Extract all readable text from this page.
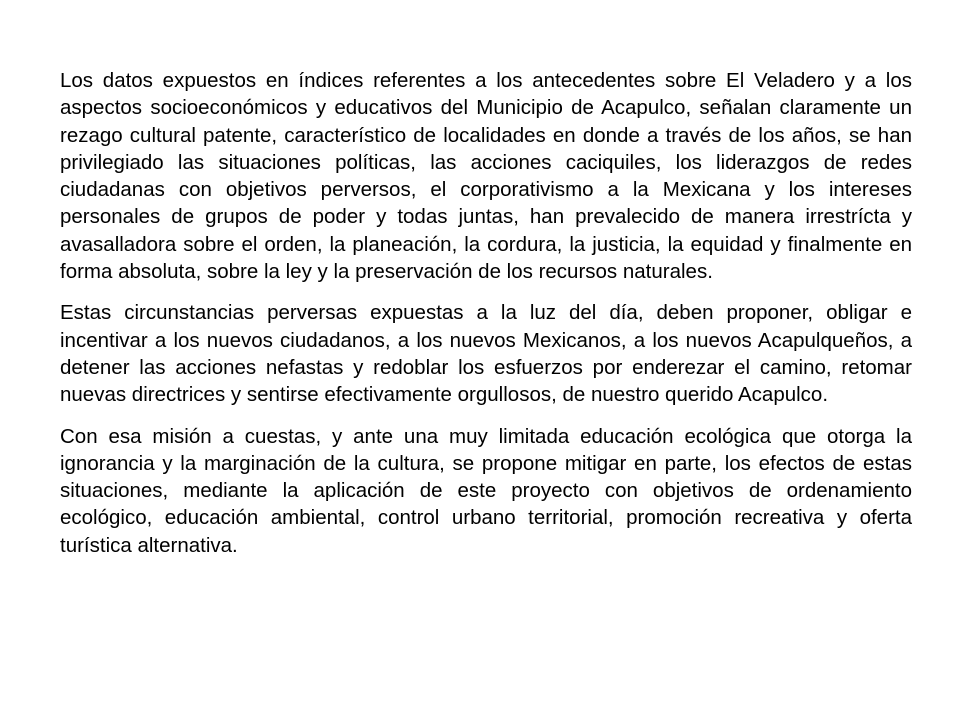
Los datos expuestos en índices referentes a los antecedentes sobre El Veladero y a los aspectos socioeconómicos y educativos del Municipio de Acapulco, señalan claramente un rezago cultural patente, característico de localidades en donde a través de los años, se han privilegiado las situaciones políticas, las acciones caciquiles, los liderazgos de redes ciudadanas con objetivos perversos, el corporativismo a la Mexicana y los intereses personales de grupos de poder y todas juntas, han prevalecido de manera irrestrícta y avasalladora sobre el orden, la planeación, la cordura, la justicia, la equidad y finalmente en forma absoluta, sobre la ley y la preservación de los recursos naturales.

Estas circunstancias perversas expuestas a la luz del día, deben proponer, obligar e incentivar a los nuevos ciudadanos, a los nuevos Mexicanos, a los nuevos Acapulqueños, a detener las acciones nefastas y redoblar los esfuerzos por enderezar el camino, retomar nuevas directrices y sentirse efectivamente orgullosos, de nuestro querido Acapulco.

Con esa misión a cuestas, y ante una muy limitada educación ecológica que otorga la ignorancia y la marginación de la cultura, se propone mitigar en parte, los efectos de estas situaciones, mediante la aplicación de este proyecto con objetivos de ordenamiento ecológico, educación ambiental, control urbano territorial, promoción recreativa y oferta turística alternativa.
